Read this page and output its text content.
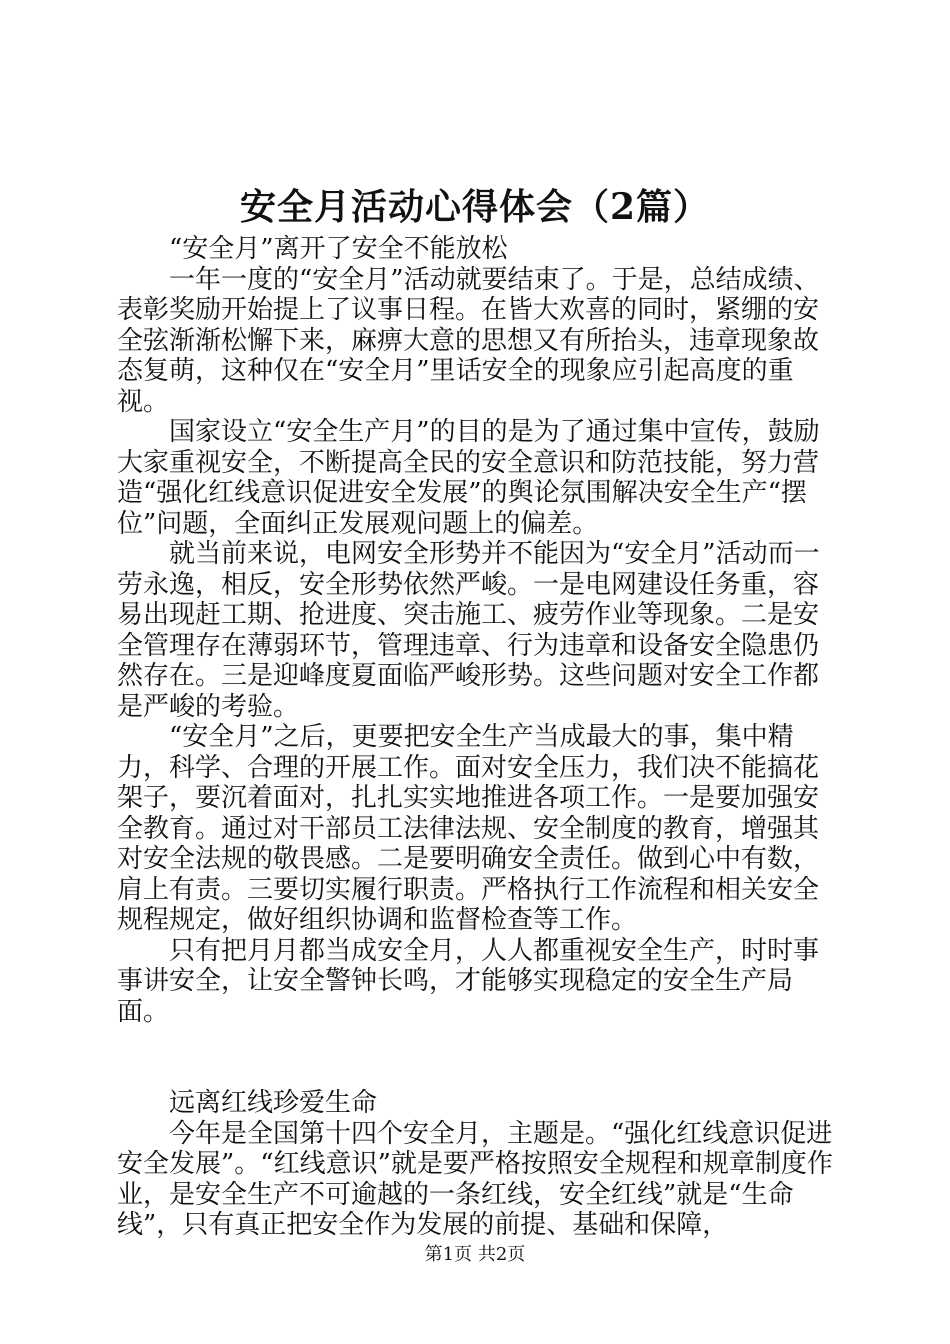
安全月活动心得体会（2篇）

“安全月”离开了安全不能放松

一年一度的“安全月”活动就要结束了。于是，总结成绩、表彰奖励开始提上了议事日程。在皆大欢喜的同时，紧绷的安全弦渐渐松懈下来，麻痹大意的思想又有所抬头，违章现象故态复萌，这种仅在“安全月”里话安全的现象应引起高度的重视。

国家设立“安全生产月”的目的是为了通过集中宣传，鼓励大家重视安全，不断提高全民的安全意识和防范技能，努力营造“强化红线意识促进安全发展”的舆论氛围解决安全生产“摆位”问题，全面纠正发展观问题上的偏差。

就当前来说，电网安全形势并不能因为“安全月”活动而一劳永逸，相反，安全形势依然严峻。一是电网建设任务重，容易出现赶工期、抢进度、突击施工、疲劳作业等现象。二是安全管理存在薄弱环节，管理违章、行为违章和设备安全隐患仍然存在。三是迎峰度夏面临严峻形势。这些问题对安全工作都是严峻的考验。

“安全月”之后，更要把安全生产当成最大的事，集中精力，科学、合理的开展工作。面对安全压力，我们决不能搞花架子，要沉着面对，扎扎实实地推进各项工作。一是要加强安全教育。通过对干部员工法律法规、安全制度的教育，增强其对安全法规的敬畏感。二是要明确安全责任。做到心中有数，肩上有责。三要切实履行职责。严格执行工作流程和相关安全规程规定，做好组织协调和监督检查等工作。

只有把月月都当成安全月，人人都重视安全生产，时时事事讲安全，让安全警钟长鸣，才能够实现稳定的安全生产局面。

远离红线珍爱生命

今年是全国第十四个安全月，主题是。“强化红线意识促进安全发展”。“红线意识”就是要严格按照安全规程和规章制度作业，是安全生产不可逾越的一条红线，安全红线”就是“生命线”，只有真正把安全作为发展的前提、基础和保障，

第1页 共2页
